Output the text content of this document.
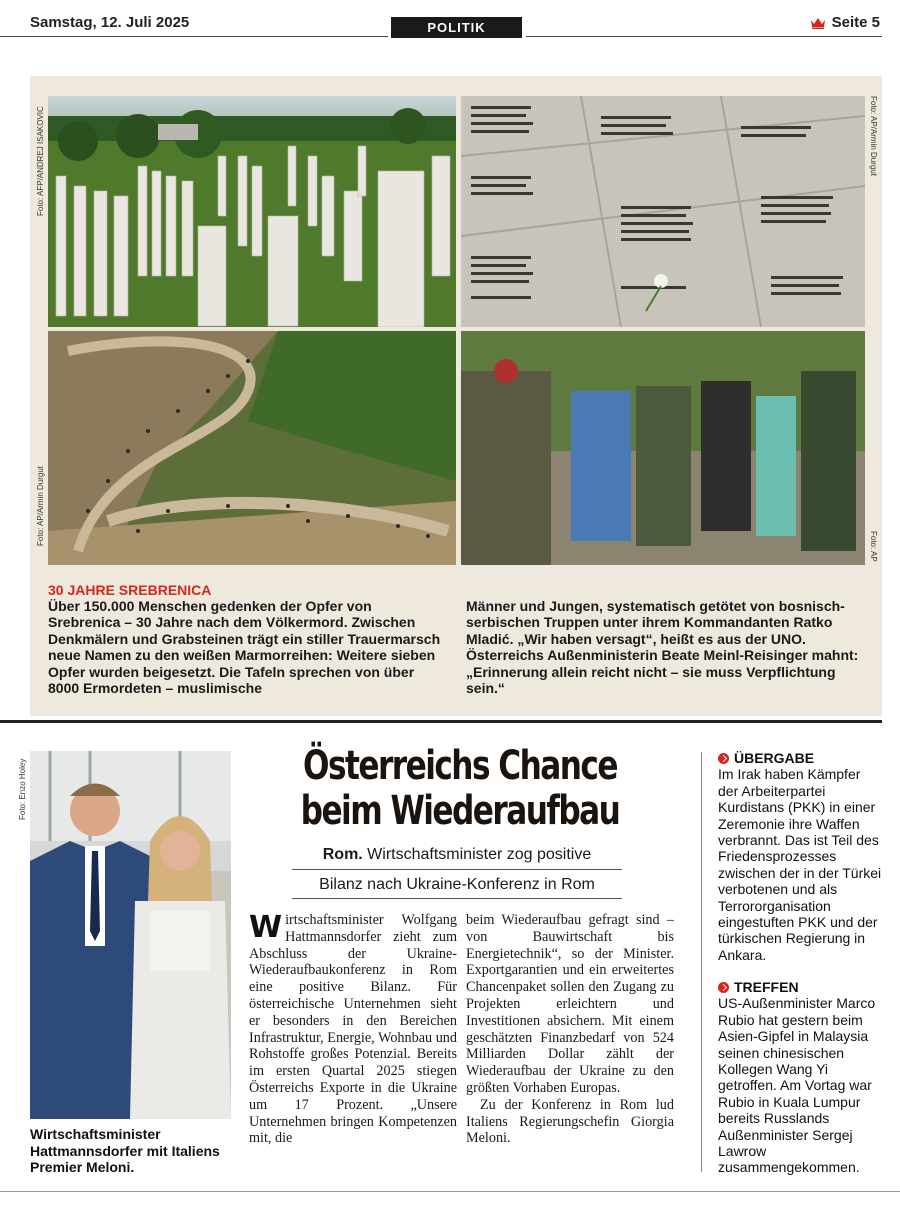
Samstag, 12. Juli 2025	POLITIK	Seite 5
Foto: AFP/ANDREJ ISAKOVIC	Foto: AP/Armin Durgut
Foto: AP/Armin Durgut
Foto: AP
30 JAHRE SREBRENICA
Über 150.000 Menschen gedenken der Opfer von Srebrenica – 30 Jahre nach dem Völkermord. Zwischen Denkmälern und Grabsteinen trägt ein stiller Trauermarsch neue Namen zu den weißen Marmorreihen: Weitere sieben Opfer wurden beigesetzt. Die Tafeln sprechen von über 8000 Ermordeten – muslimische
Männer und Jungen, systematisch getötet von bosnisch-serbischen Truppen unter ihrem Kommandanten Ratko Mladić. „Wir haben versagt“, heißt es aus der UNO. Österreichs Außenministerin Beate Meinl-Reisinger mahnt: „Erinnerung allein reicht nicht – sie muss Verpflichtung sein.“
Foto: Enzo Holey
Wirtschaftsminister Hattmannsdorfer mit Italiens Premier Meloni.
Österreichs Chance
beim Wiederaufbau
Rom. Wirtschaftsminister zog positive
Bilanz nach Ukraine-Konferenz in Rom
Wirtschaftsminister Wolfgang Hattmannsdorfer zieht zum Abschluss der Ukraine-Wiederaufbaukonferenz in Rom eine positive Bilanz. Für österreichische Unternehmen sieht er besonders in den Bereichen Infrastruktur, Energie, Wohnbau und Rohstoffe großes Potenzial. Bereits im ersten Quartal 2025 stiegen Österreichs Exporte in die Ukraine um 17 Prozent. „Unsere Unternehmen bringen Kompetenzen mit, die

beim Wiederaufbau gefragt sind – von Bauwirtschaft bis Energietechnik“, so der Minister. Exportgarantien und ein erweitertes Chancenpaket sollen den Zugang zu Projekten erleichtern und Investitionen absichern. Mit einem geschätzten Finanzbedarf von 524 Milliarden Dollar zählt der Wiederaufbau der Ukraine zu den größten Vorhaben Europas.

Zu der Konferenz in Rom lud Italiens Regierungschefin Giorgia Meloni.

ÜBERGABE
Im Irak haben Kämpfer der Arbeiterpartei Kurdistans (PKK) in einer Zeremonie ihre Waffen verbrannt. Das ist Teil des Friedensprozesses zwischen der in der Türkei verbotenen und als Terrororganisation eingestuften PKK und der türkischen Regierung in Ankara.
TREFFEN
US-Außenminister Marco Rubio hat gestern beim Asien-Gipfel in Malaysia seinen chinesischen Kollegen Wang Yi getroffen. Am Vortag war Rubio in Kuala Lumpur bereits Russlands Außenminister Sergej Lawrow zusammengekommen.
